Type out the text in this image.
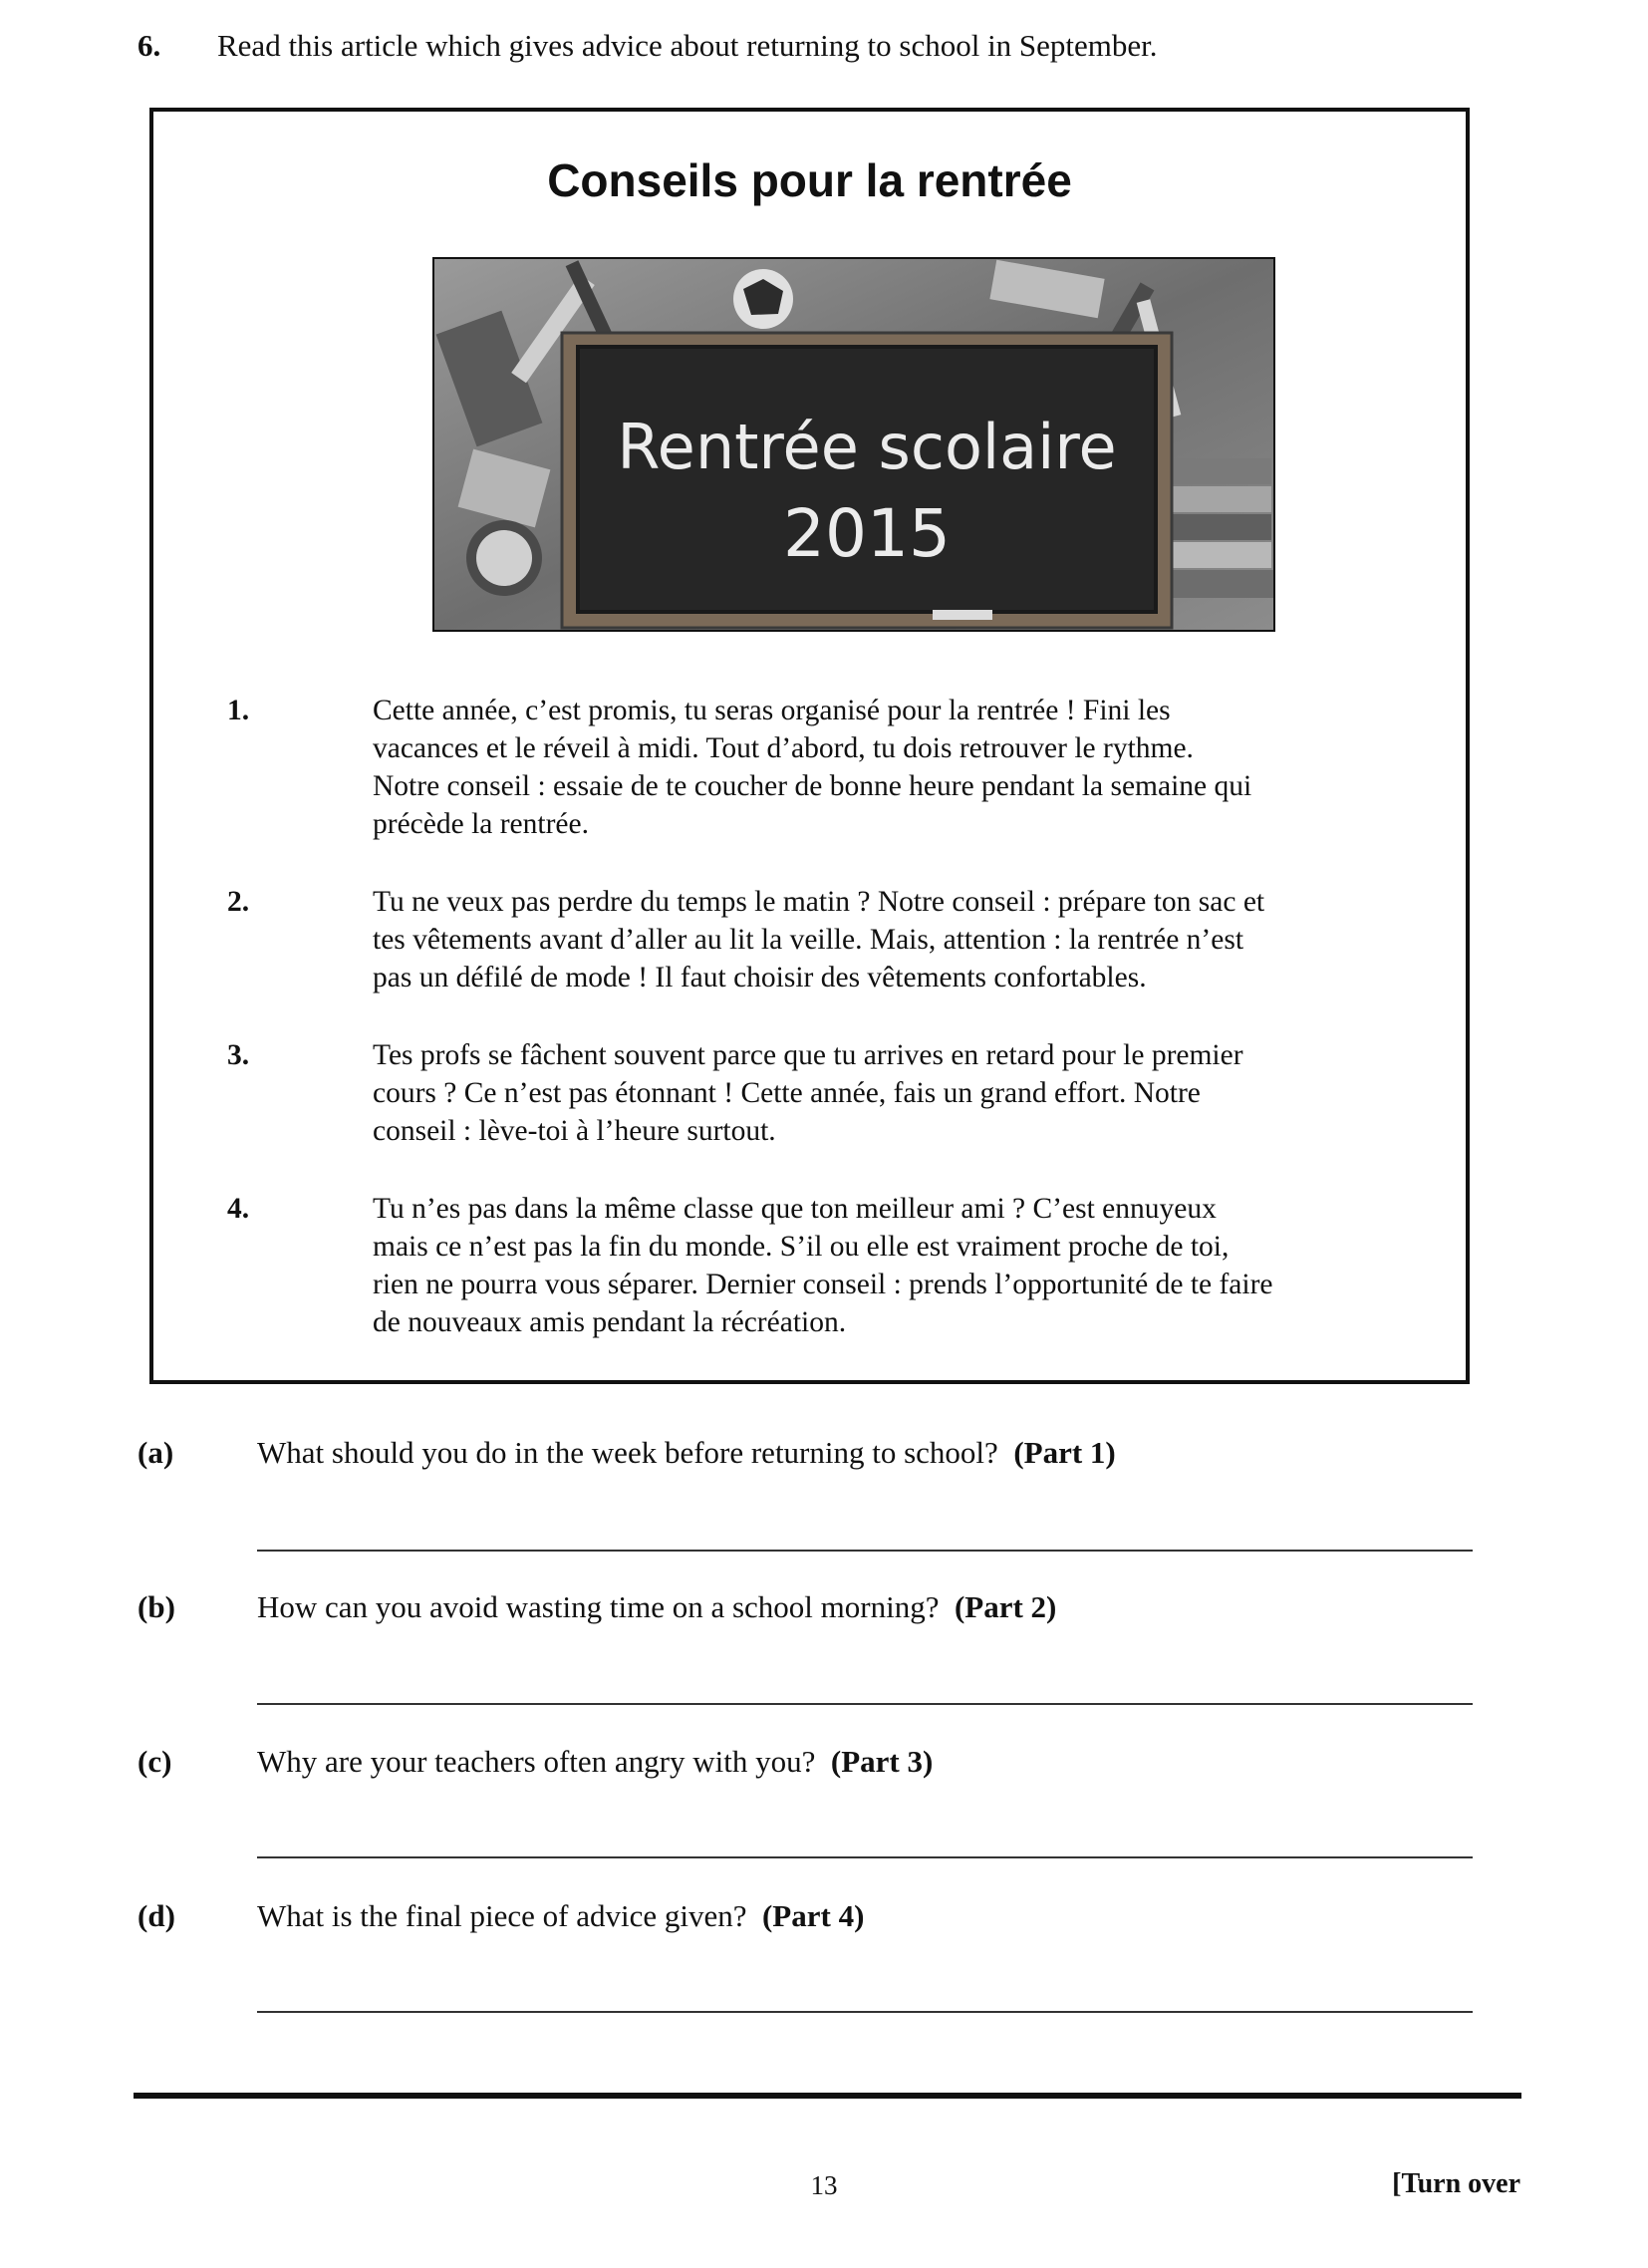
6. Read this article which gives advice about returning to school in September.
Conseils pour la rentrée
Rentrée scolaire
2015
1.	Cette année, c’est promis, tu seras organisé pour la rentrée ! Fini les
vacances et le réveil à midi. Tout d’abord, tu dois retrouver le rythme.
Notre conseil : essaie de te coucher de bonne heure pendant la semaine qui
précède la rentrée.
2.	Tu ne veux pas perdre du temps le matin ? Notre conseil : prépare ton sac et
tes vêtements avant d’aller au lit la veille. Mais, attention : la rentrée n’est
pas un défilé de mode ! Il faut choisir des vêtements confortables.
3.	Tes profs se fâchent souvent parce que tu arrives en retard pour le premier
cours ? Ce n’est pas étonnant ! Cette année, fais un grand effort. Notre
conseil : lève-toi à l’heure surtout.
4.	Tu n’es pas dans la même classe que ton meilleur ami ? C’est ennuyeux
mais ce n’est pas la fin du monde. S’il ou elle est vraiment proche de toi,
rien ne pourra vous séparer. Dernier conseil : prends l’opportunité de te faire
de nouveaux amis pendant la récréation.
(a)	What should you do in the week before returning to school? (Part 1)
(b)	How can you avoid wasting time on a school morning? (Part 2)
(c)	Why are your teachers often angry with you? (Part 3)
(d)	What is the final piece of advice given? (Part 4)
13	[Turn over
